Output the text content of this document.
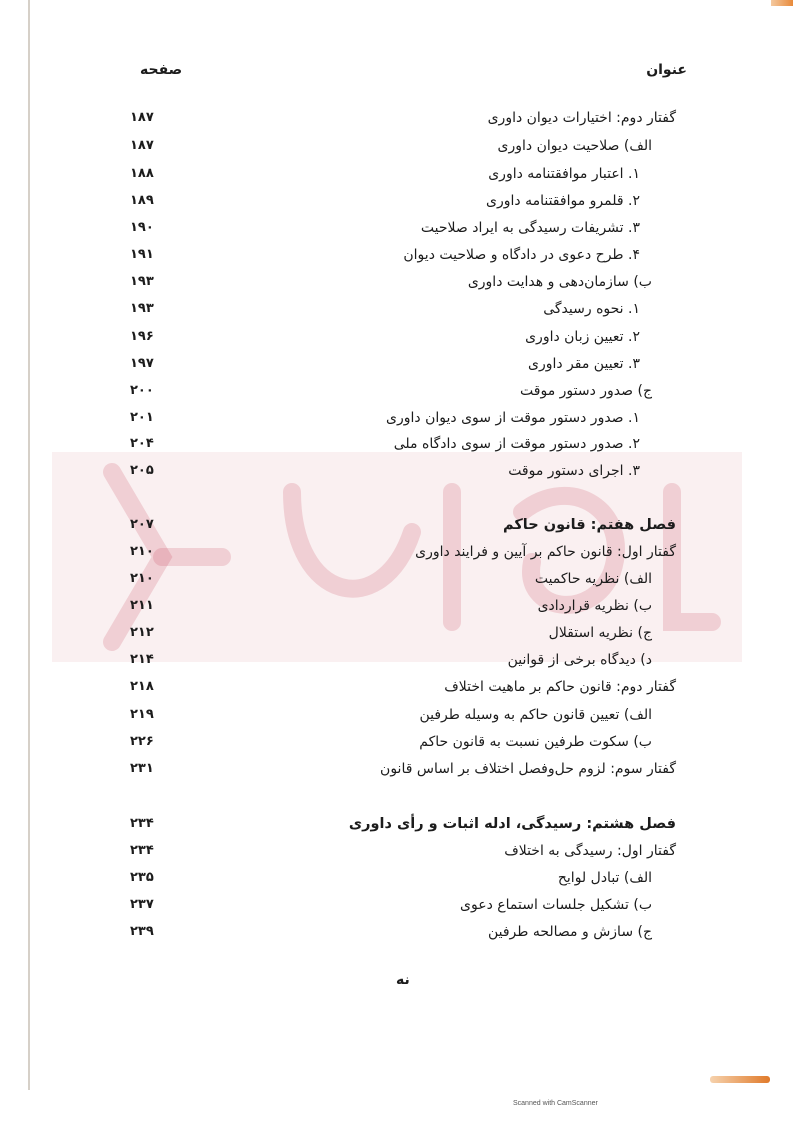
عنوان
صفحه
گفتار دوم: اختیارات دیوان داوری
۱۸۷
الف) صلاحیت دیوان داوری
۱۸۷
۱. اعتبار موافقتنامه داوری
۱۸۸
۲. قلمرو موافقتنامه داوری
۱۸۹
۳. تشریفات رسیدگی به ایراد صلاحیت
۱۹۰
۴. طرح دعوی در دادگاه و صلاحیت دیوان
۱۹۱
ب) سازمان‌دهی و هدایت داوری
۱۹۳
۱. نحوه رسیدگی
۱۹۳
۲. تعیین زبان داوری
۱۹۶
۳. تعیین مقر داوری
۱۹۷
ج) صدور دستور موقت
۲۰۰
۱. صدور دستور موقت از سوی دیوان داوری
۲۰۱
۲. صدور دستور موقت از سوی دادگاه ملی
۲۰۴
۳. اجرای دستور موقت
۲۰۵
فصل هفتم: قانون حاکم
۲۰۷
گفتار اول: قانون حاکم بر آیین و فرایند داوری
۲۱۰
الف) نظریه حاکمیت
۲۱۰
ب) نظریه قراردادی
۲۱۱
ج) نظریه استقلال
۲۱۲
د) دیدگاه برخی از قوانین
۲۱۴
گفتار دوم: قانون حاکم بر ماهیت اختلاف
۲۱۸
الف) تعیین قانون حاکم به وسیله طرفین
۲۱۹
ب) سکوت طرفین نسبت به قانون حاکم
۲۲۶
گفتار سوم: لزوم حل‌وفصل اختلاف بر اساس قانون
۲۳۱
فصل هشتم: رسیدگی، ادله اثبات و رأی داوری
۲۳۴
گفتار اول: رسیدگی به اختلاف
۲۳۴
الف) تبادل لوایح
۲۳۵
ب) تشکیل جلسات استماع دعوی
۲۳۷
ج) سازش و مصالحه طرفین
۲۳۹
نه
Scanned with CamScanner
